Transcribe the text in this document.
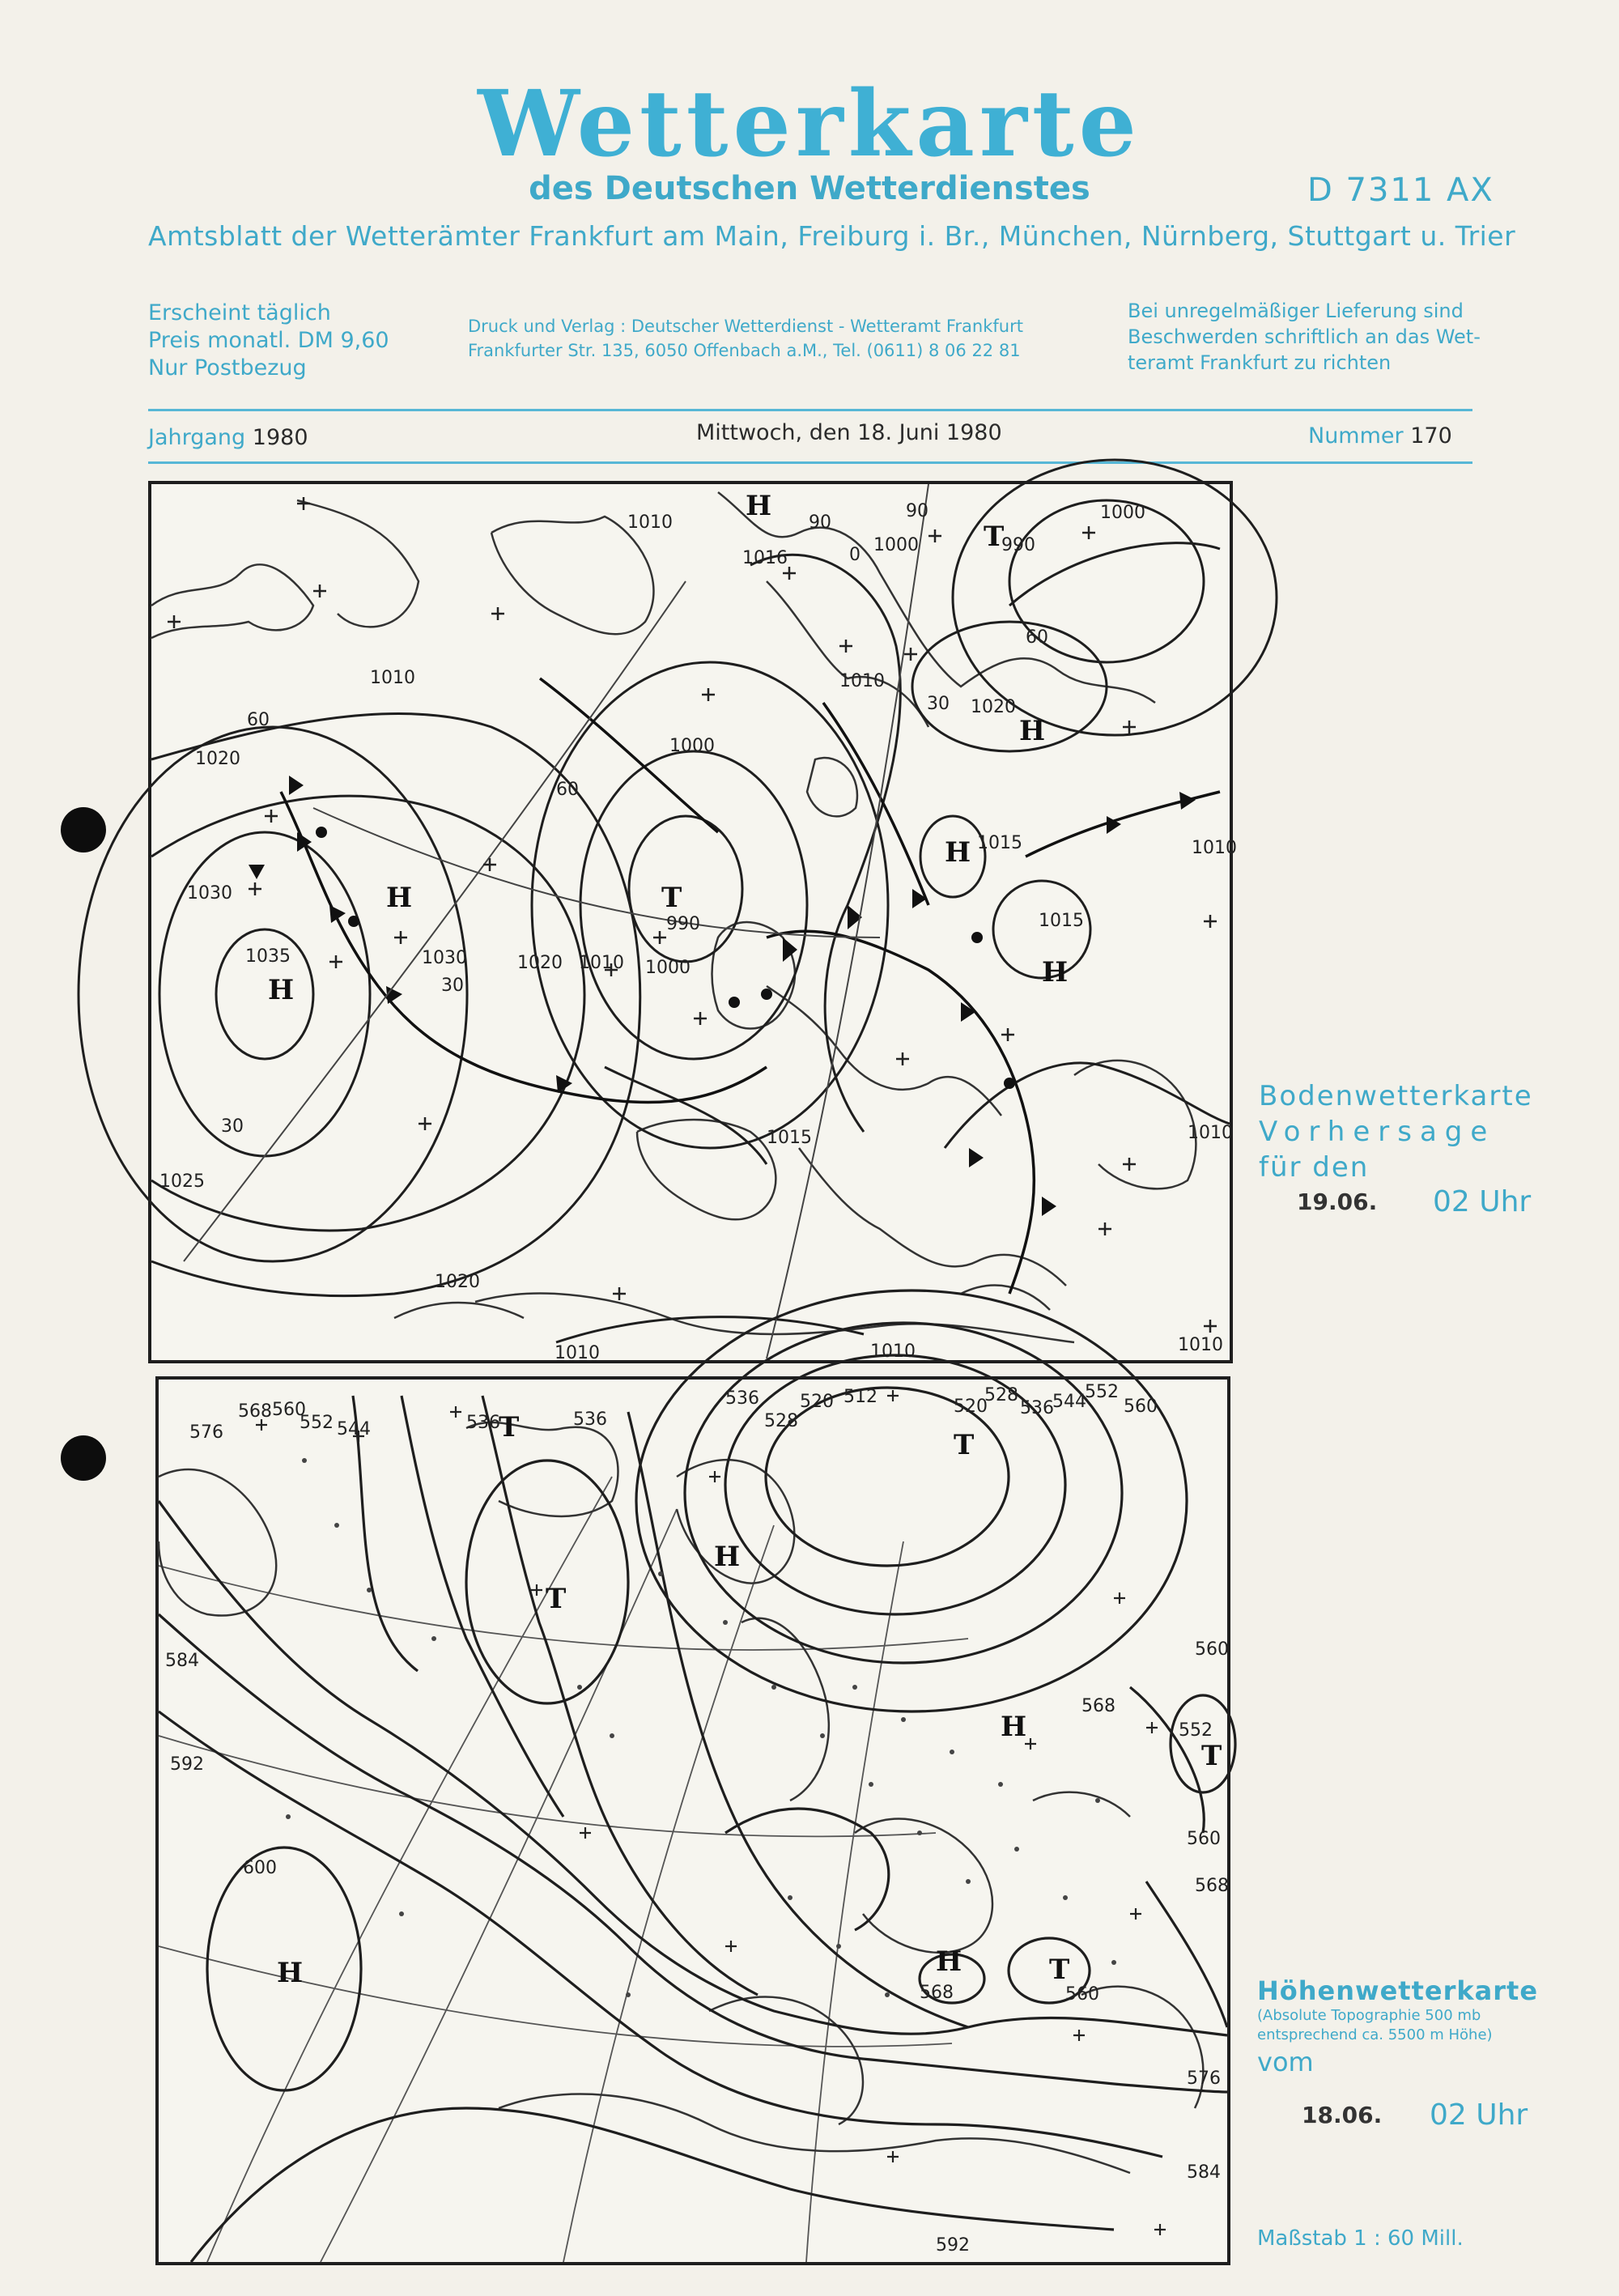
Wetterkarte
des Deutschen Wetterdienstes	D 7311 AX
Amtsblatt der Wetterämter Frankfurt am Main, Freiburg i. Br., München, Nürnberg, Stuttgart u. Trier
Erscheint täglich
Preis monatl. DM 9,60
Nur Postbezug
Druck und Verlag : Deutscher Wetterdienst - Wetteramt Frankfurt
Frankfurter Str. 135, 6050 Offenbach a.M., Tel. (0611) 8 06 22 81
Bei unregelmäßiger Lieferung sind
Beschwerden schriftlich an das Wet-
teramt Frankfurt zu richten
Jahrgang 1980	Mittwoch, den 18. Juni 1980	Nummer 170
1010
1016
90
0 1000	990
1000
90
60
1010
30 1020
1000
60
1010
60
1020
1015	1010
1030
990	1015
1035	1030
30
1020 1010 1000
1015	1010
30
1025
1020
1010	1010	1010
H
H
H
H
H
H
T
T
Bodenwetterkarte
Vorhersage
für den
19.06. 02 Uhr
576
568 560
552 544	536	536
536
528
520 512	520
528
536
544
552
560
584
560
592
568
552
560
568
600
568	560
576
584
592
H
H
H
H
T
T
T
T
T
Höhenwetterkarte
(Absolute Topographie 500 mb
entsprechend ca. 5500 m Höhe)
vom
18.06. 02 Uhr
Maßstab 1 : 60 Mill.
